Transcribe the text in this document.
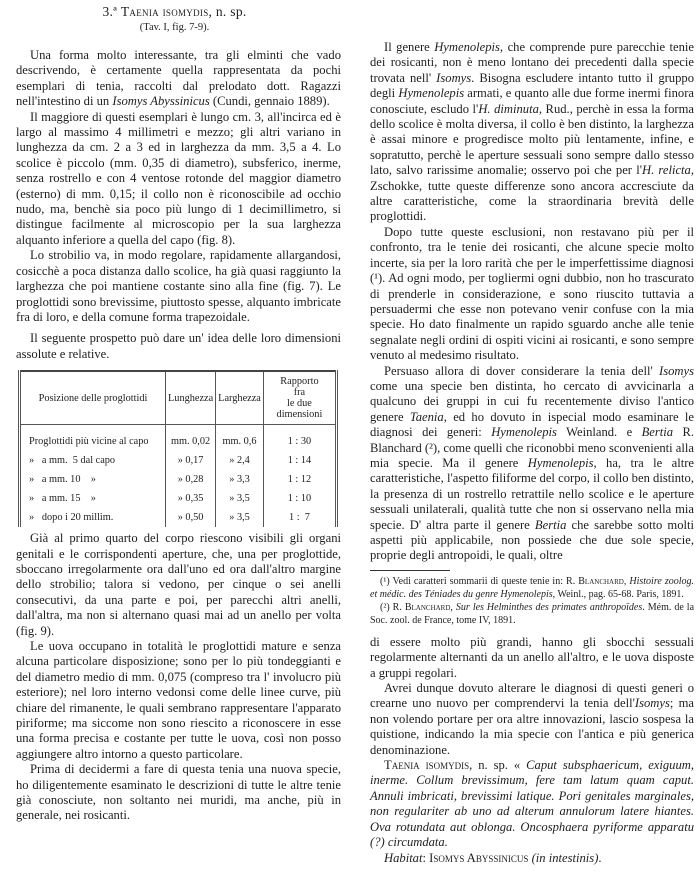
3.ª Taenia isomydis, n. sp.
(Tav. I, fig. 7-9).

Una forma molto interessante, tra gli elminti che vado descrivendo, è certamente quella rappresentata da pochi esemplari di tenia, raccolti dal prelodato dott. Ragazzi nell'intestino di un Isomys Abyssinicus (Cundi, gennaio 1889).

Il maggiore di questi esemplari è lungo cm. 3, all'incirca ed è largo al massimo 4 millimetri e mezzo; gli altri variano in lunghezza da cm. 2 a 3 ed in larghezza da mm. 3,5 a 4. Lo scolice è piccolo (mm. 0,35 di diametro), subsferico, inerme, senza rostrello e con 4 ventose rotonde del maggior diametro (esterno) di mm. 0,15; il collo non è riconoscibile ad occhio nudo, ma, benchè sia poco più lungo di 1 decimillimetro, si distingue facilmente al microscopio per la sua larghezza alquanto inferiore a quella del capo (fig. 8).

Lo strobilio va, in modo regolare, rapidamente allargandosi, cosicchè a poca distanza dallo scolice, ha già quasi raggiunto la larghezza che poi mantiene costante sino alla fine (fig. 7). Le proglottidi sono brevissime, piuttosto spesse, alquanto imbricate fra di loro, e della comune forma trapezoidale.

Il seguente prospetto può dare un' idea delle loro dimensioni assolute e relative.

Posizione delle proglottidi	Lunghezza	Larghezza	Rapporto
fra
le due dimensioni

Proglottidi più vicine al capo	mm. 0,02	mm. 0,6	1 : 30
»   a mm.  5 dal capo	» 0,17	» 2,4	1 : 14
»   a mm. 10    »	» 0,28	» 3,3	1 : 12
»   a mm. 15    »	» 0,35	» 3,5	1 : 10
»   dopo i 20 millim.	» 0,50	» 3,5	1 :  7

Già al primo quarto del corpo riescono visibili gli organi genitali e le corrispondenti aperture, che, una per proglottide, sboccano irregolarmente ora dall'uno ed ora dall'altro margine dello strobilio; talora si vedono, per cinque o sei anelli consecutivi, da una parte e poi, per parecchi altri anelli, dall'altra, ma non si alternano quasi mai ad un anello per volta (fig. 9).

Le uova occupano in totalità le proglottidi mature e senza alcuna particolare disposizione; sono per lo più tondeggianti e del diametro medio di mm. 0,075 (compreso tra l' involucro più esteriore); nel loro interno vedonsi come delle linee curve, più chiare del rimanente, le quali sembrano rappresentare l'apparato piriforme; ma siccome non sono riescito a riconoscere in esse una forma precisa e costante per tutte le uova, così non posso aggiungere altro intorno a questo particolare.

Prima di decidermi a fare di questa tenia una nuova specie, ho diligentemente esaminato le descrizioni di tutte le altre tenie già conosciute, non soltanto nei muridi, ma anche, più in generale, nei rosicanti.

Il genere Hymenolepis, che comprende pure parecchie tenie dei rosicanti, non è meno lontano dei precedenti dalla specie trovata nell' Isomys. Bisogna escludere intanto tutto il gruppo degli Hymenolepis armati, e quanto alle due forme inermi finora conosciute, escludo l'H. diminuta, Rud., perchè in essa la forma dello scolice è molta diversa, il collo è ben distinto, la larghezza è assai minore e progredisce molto più lentamente, infine, e sopratutto, perchè le aperture sessuali sono sempre dallo stesso lato, salvo rarissime anomalie; osservo poi che per l'H. relicta, Zschokke, tutte queste differenze sono ancora accresciute da altre caratteristiche, come la straordinaria brevità delle proglottidi.

Dopo tutte queste esclusioni, non restavano più per il confronto, tra le tenie dei rosicanti, che alcune specie molto incerte, sia per la loro rarità che per le imperfettissime diagnosi (¹). Ad ogni modo, per togliermi ogni dubbio, non ho trascurato di prenderle in considerazione, e sono riuscito tuttavia a persuadermi che esse non potevano venir confuse con la mia specie. Ho dato finalmente un rapido sguardo anche alle tenie segnalate negli ordini di ospiti vicini ai rosicanti, e sono sempre venuto al medesimo risultato.

Persuaso allora di dover considerare la tenia dell' Isomys come una specie ben distinta, ho cercato di avvicinarla a qualcuno dei gruppi in cui fu recentemente diviso l'antico genere Taenia, ed ho dovuto in ispecial modo esaminare le diagnosi dei generi: Hymenolepis Weinland. e Bertia R. Blanchard (²), come quelli che riconobbi meno sconvenienti alla mia specie. Ma il genere Hymenolepis, ha, tra le altre caratteristiche, l'aspetto filiforme del corpo, il collo ben distinto, la presenza di un rostrello retrattile nello scolice e le aperture sessuali unilaterali, qualità tutte che non si osservano nella mia specie. D' altra parte il genere Bertia che sarebbe sotto molti aspetti più applicabile, non possiede che due sole specie, proprie degli antropoidi, le quali, oltre

(¹) Vedi caratteri sommarii di queste tenie in: R. Blanchard, Histoire zoolog. et médic. des Téniades du genre Hymenolepis, Weinl., pag. 65-68. Paris, 1891.

(²) R. Blanchard, Sur les Helminthes des primates anthropoïdes. Mém. de la Soc. zool. de France, tome IV, 1891.

di essere molto più grandi, hanno gli sbocchi sessuali regolarmente alternanti da un anello all'altro, e le uova disposte a gruppi regolari.

Avrei dunque dovuto alterare le diagnosi di questi generi o crearne uno nuovo per comprendervi la tenia dell'Isomys; ma non volendo portare per ora altre innovazioni, lascio sospesa la quistione, indicando la mia specie con l'antica e più generica denominazione.

Taenia isomydis, n. sp. « Caput subsphaericum, exiguum, inerme. Collum brevissimum, fere tam latum quam caput. Annuli imbricati, brevissimi latique. Pori genitales marginales, non regulariter ab uno ad alterum annulorum latere hiantes. Ova rotundata aut oblonga. Oncosphaera pyriforme apparatu (?) circumdata.

Habitat: Isomys Abyssinicus (in intestinis).
